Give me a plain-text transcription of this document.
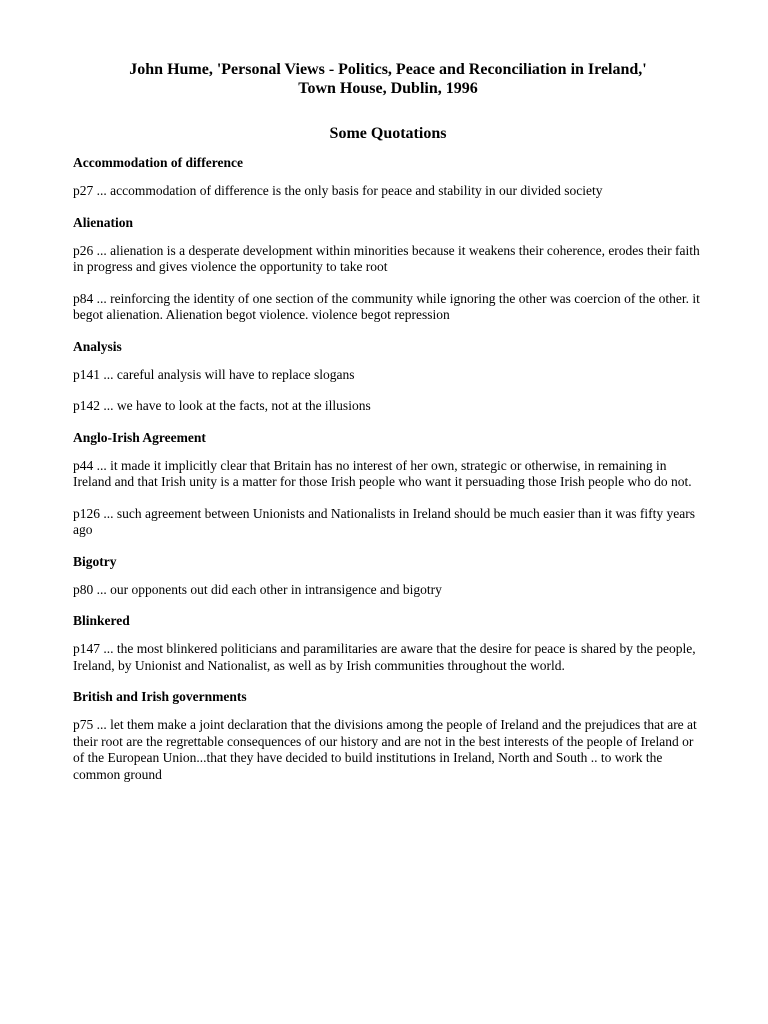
John Hume, 'Personal Views - Politics, Peace and Reconciliation in Ireland,'
Town House, Dublin, 1996
Some Quotations
Accommodation of difference
p27 ... accommodation of difference is the only basis for peace and stability in our divided society
Alienation
p26 ... alienation is a desperate development within minorities because it weakens their coherence, erodes their faith in progress and gives violence the opportunity to take root
p84 ... reinforcing the identity of one section of the community while ignoring the other was coercion of the other. it begot alienation. Alienation begot violence. violence begot repression
Analysis
p141 ... careful analysis will have to replace slogans
p142 ... we have to look at the facts, not at the illusions
Anglo-Irish Agreement
p44 ... it made it implicitly clear that Britain has no interest of her own, strategic or otherwise, in remaining in Ireland and that Irish unity is a matter for those Irish people who want it persuading those Irish people who do not.
p126 ... such agreement between Unionists and Nationalists in Ireland should be much easier than it was fifty years ago
Bigotry
p80 ... our opponents out did each other in intransigence and bigotry
Blinkered
p147 ... the most blinkered politicians and paramilitaries are aware that the desire for peace is shared by the people, Ireland, by Unionist and Nationalist, as well as by Irish communities throughout the world.
British and Irish governments
p75 ... let them make a joint declaration that the divisions among the people of Ireland and the prejudices that are at their root are the regrettable consequences of our history and are not in the best interests of the people of Ireland or of the European Union...that they have decided to build institutions in Ireland, North and South .. to work the common ground
